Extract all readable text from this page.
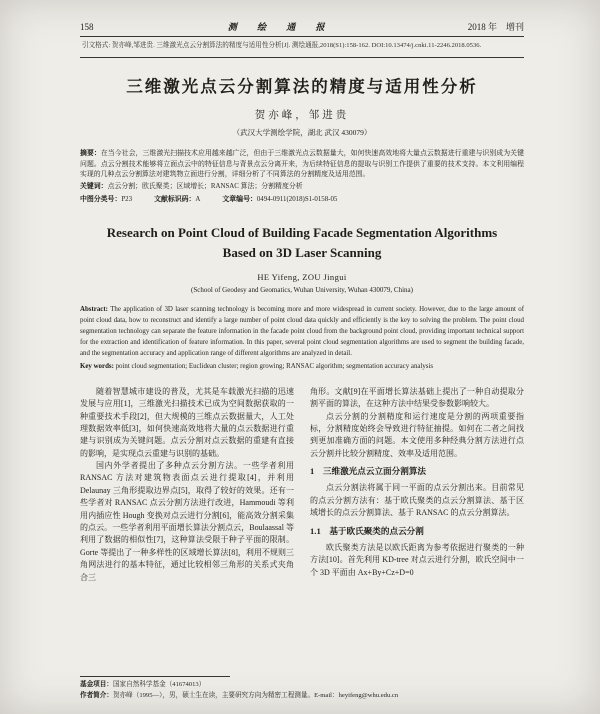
158	测 绘 通 报	2018 年　增刊

引文格式: 贺亦峰,邹进贵. 三维激光点云分割算法的精度与适用性分析[J]. 测绘通报,2018(S1):158-162. DOI:10.13474/j.cnki.11-2246.2018.0536.

三维激光点云分割算法的精度与适用性分析
贺亦峰，邹进贵
（武汉大学测绘学院，湖北 武汉 430079）

摘要：在当今社会，三维激光扫描技术应用越来越广泛，但由于三维激光点云数据量大，如何快速高效地将大量点云数据进行重建与识别成为关键问题。点云分割技术能够将立面点云中的特征信息与背景点云分离开来，为后续特征信息的提取与识别工作提供了重要的技术支持。本文利用编程实现的几种点云分割算法对建筑物立面进行分割，详细分析了不同算法的分割精度及适用范围。

关键词：点云分割；欧氏聚类；区域增长；RANSAC 算法；分割精度分析

中图分类号：P23	文献标识码：A	文章编号：0494-0911(2018)S1-0158-05

Research on Point Cloud of Building Facade Segmentation Algorithms Based on 3D Laser Scanning
HE Yifeng, ZOU Jingui
(School of Geodesy and Geomatics, Wuhan University, Wuhan 430079, China)

Abstract: The application of 3D laser scanning technology is becoming more and more widespread in current society. However, due to the large amount of point cloud data, how to reconstruct and identify a large number of point cloud data quickly and efficiently is the key to solving the problem. The point cloud segmentation technology can separate the feature information in the facade point cloud from the background point cloud, providing important technical support for the extraction and identification of feature information. In this paper, several point cloud segmentation algorithms are used to segment the building facade, and the segmentation accuracy and application range of different algorithms are analyzed in detail.

Key words: point cloud segmentation; Euclidean cluster; region growing; RANSAC algorithm; segmentation accuracy analysis

随着智慧城市建设的普及，尤其是车载激光扫描的迅速发展与应用[1]，三维激光扫描技术已成为空间数据获取的一种重要技术手段[2]，但大规模的三维点云数据量大，人工处理数据效率低[3]，如何快速高效地将大量的点云数据进行重建与识别成为关键问题。点云分割对点云数据的重建有直接的影响，是实现点云重建与识别的基础。

国内外学者提出了多种点云分割方法。一些学者利用 RANSAC 方法对建筑物表面点云进行提取[4]，并利用 Delaunay 三角形提取边界点[5]，取得了较好的效果。还有一些学者对 RANSAC 点云分割方法进行改进，Hammoudi 等利用内插应性 Hough 变换对点云进行分割[6]，能高效分割采集的点云。一些学者利用平面增长算法分割点云，Boulaassal 等利用了数据的相似性[7]，这种算法受限于种子平面的限制。Gorte 等提出了一种多样性的区域增长算法[8]，利用不规则三角网法进行的基本特征，通过比较相邻三角形的关系式夹角合三

角形。文献[9]在平面增长算法基础上提出了一种自动提取分割平面的算法，在这种方法中结果受参数影响较大。

点云分割的分割精度和运行速度是分割的两项重要指标，分割精度始终会导致进行特征抽提。如何在二者之间找到更加准确方面的问题。本文使用多种经典分割方法进行点云分割并比较分割精度、效率及适用范围。

1　三维激光点云立面分割算法

点云分割法将属于同一平面的点云分割出来。目前常见的点云分割方法有：基于欧氏聚类的点云分割算法、基于区域增长的点云分割算法、基于 RANSAC 的点云分割算法。

1.1　基于欧氏聚类的点云分割

欧氏聚类方法是以欧氏距离为参考依据进行聚类的一种方法[10]。首先利用 KD-tree 对点云进行分割，欧氏空间中一个 3D 平面由 Ax+By+Cz+D=0

基金项目：国家自然科学基金（41674013）
作者简介：贺亦峰（1995—），男，硕士生在读，主要研究方向为精密工程测量。E-mail：heyifeng@whu.edu.cn
